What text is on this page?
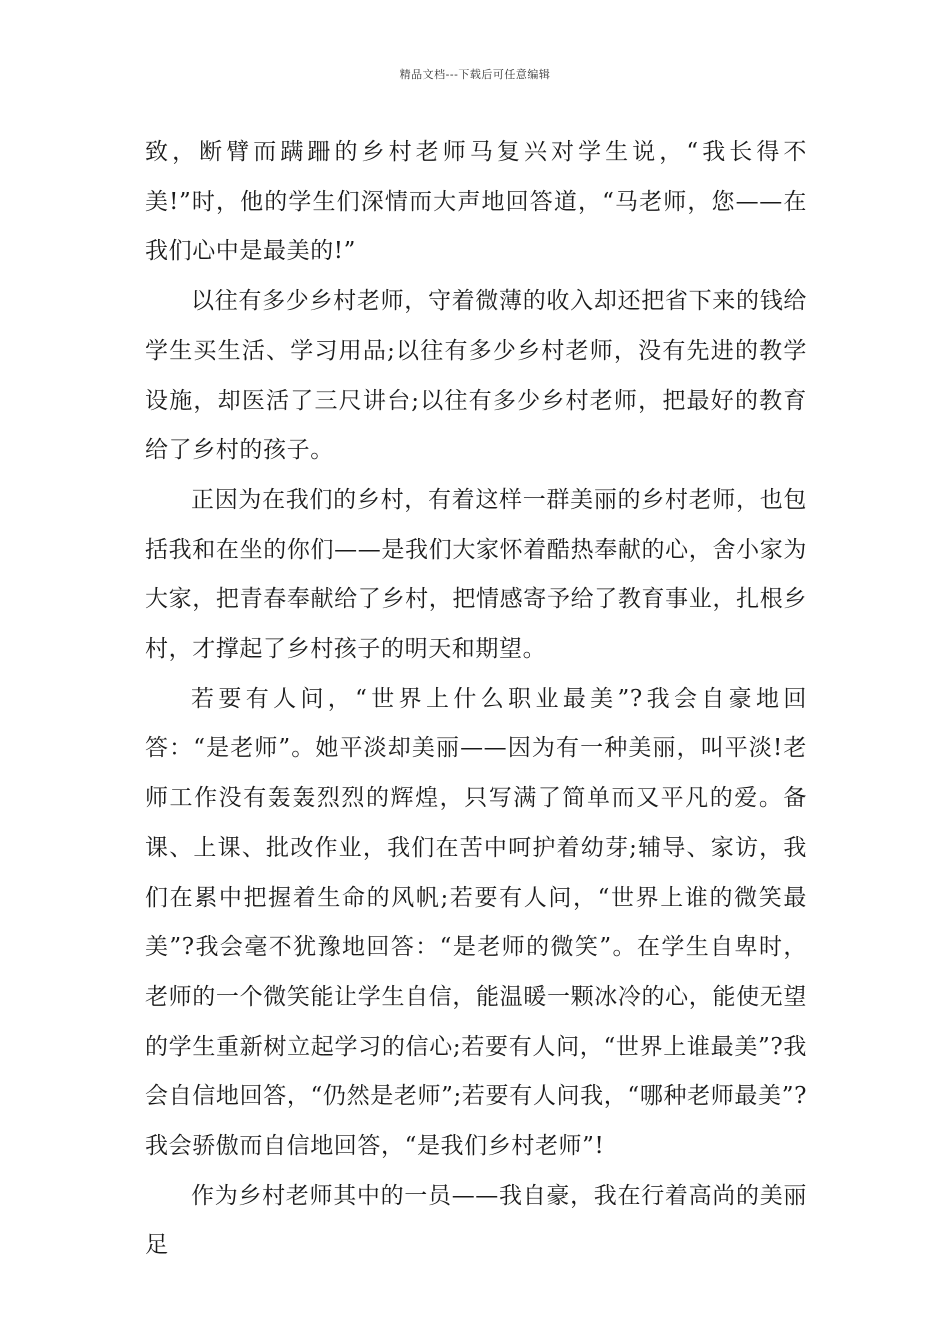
精品文档---下载后可任意编辑

致，断臂而蹒跚的乡村老师马复兴对学生说，“我长得不美!”时，他的学生们深情而大声地回答道，“马老师，您——在我们心中是最美的!”

以往有多少乡村老师，守着微薄的收入却还把省下来的钱给学生买生活、学习用品;以往有多少乡村老师，没有先进的教学设施，却医活了三尺讲台;以往有多少乡村老师，把最好的教育给了乡村的孩子。

正因为在我们的乡村，有着这样一群美丽的乡村老师，也包括我和在坐的你们——是我们大家怀着酷热奉献的心，舍小家为大家，把青春奉献给了乡村，把情感寄予给了教育事业，扎根乡村，才撑起了乡村孩子的明天和期望。

若要有人问，“世界上什么职业最美”?我会自豪地回答：“是老师”。她平淡却美丽——因为有一种美丽，叫平淡!老师工作没有轰轰烈烈的辉煌，只写满了简单而又平凡的爱。备课、上课、批改作业，我们在苦中呵护着幼芽;辅导、家访，我们在累中把握着生命的风帆;若要有人问，“世界上谁的微笑最美”?我会毫不犹豫地回答：“是老师的微笑”。在学生自卑时，老师的一个微笑能让学生自信，能温暖一颗冰冷的心，能使无望的学生重新树立起学习的信心;若要有人问，“世界上谁最美”?我会自信地回答，“仍然是老师”;若要有人问我，“哪种老师最美”?我会骄傲而自信地回答，“是我们乡村老师”!

作为乡村老师其中的一员——我自豪，我在行着高尚的美丽足
